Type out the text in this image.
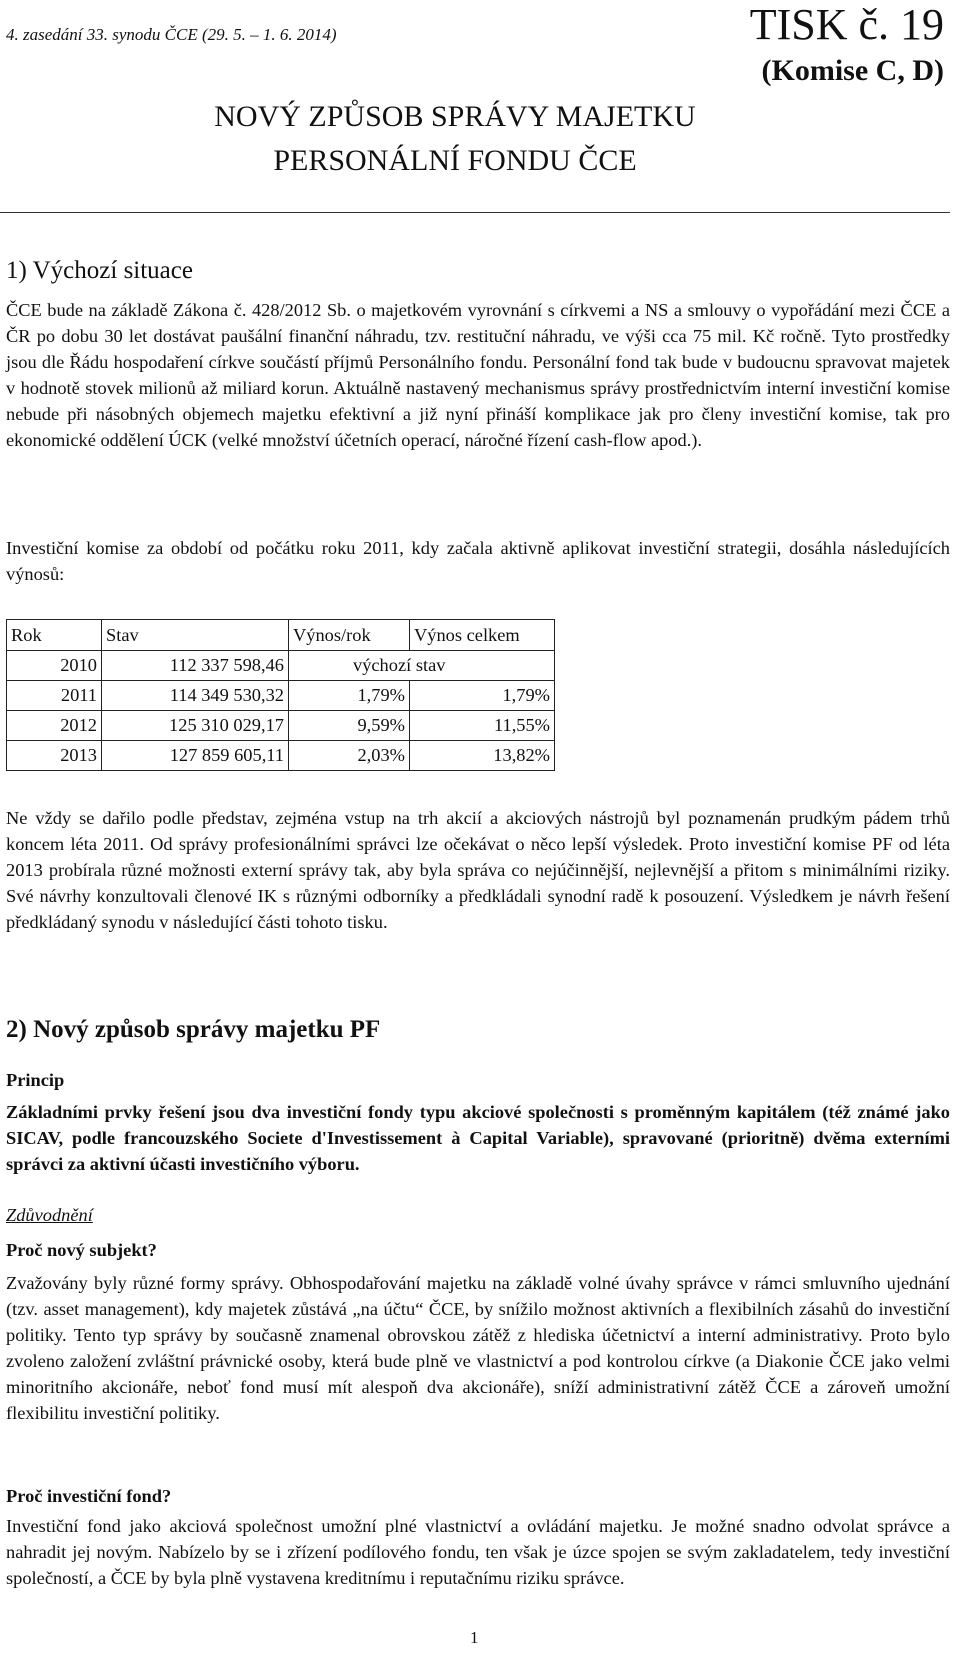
4. zasedání 33. synodu ČCE (29. 5. – 1. 6. 2014)	TISK č. 19
(Komise C, D)
NOVÝ ZPŮSOB SPRÁVY MAJETKU
PERSONÁLNÍ FONDU ČCE
1) Výchozí situace

ČCE bude na základě Zákona č. 428/2012 Sb. o majetkovém vyrovnání s církvemi a NS a smlouvy o vypořádání mezi ČCE a ČR po dobu 30 let dostávat paušální finanční náhradu, tzv. restituční náhradu, ve výši cca 75 mil. Kč ročně. Tyto prostředky jsou dle Řádu hospodaření církve součástí příjmů Personálního fondu. Personální fond tak bude v budoucnu spravovat majetek v hodnotě stovek milionů až miliard korun. Aktuálně nastavený mechanismus správy prostřednictvím interní investiční komise nebude při násobných objemech majetku efektivní a již nyní přináší komplikace jak pro členy investiční komise, tak pro ekonomické oddělení ÚCK (velké množství účetních operací, náročné řízení cash-flow apod.).

Investiční komise za období od počátku roku 2011, kdy začala aktivně aplikovat investiční strategii, dosáhla následujících výnosů:

Rok	Stav	Výnos/rok	Výnos celkem
2010	112 337 598,46	výchozí stav	
2011	114 349 530,32	1,79%	1,79%
2012	125 310 029,17	9,59%	11,55%
2013	127 859 605,11	2,03%	13,82%

Ne vždy se dařilo podle představ, zejména vstup na trh akcií a akciových nástrojů byl poznamenán prudkým pádem trhů koncem léta 2011. Od správy profesionálními správci lze očekávat o něco lepší výsledek. Proto investiční komise PF od léta 2013 probírala různé možnosti externí správy tak, aby byla správa co nejúčinnější, nejlevnější a přitom s minimálními riziky. Své návrhy konzultovali členové IK s různými odborníky a předkládali synodní radě k posouzení. Výsledkem je návrh řešení předkládaný synodu v následující části tohoto tisku.

2) Nový způsob správy majetku PF
Princip

Základními prvky řešení jsou dva investiční fondy typu akciové společnosti s proměnným kapitálem (též známé jako SICAV, podle francouzského Societe d'Investissement à Capital Variable), spravované (prioritně) dvěma externími správci za aktivní účasti investičního výboru.

Zdůvodnění
Proč nový subjekt?

Zvažovány byly různé formy správy. Obhospodařování majetku na základě volné úvahy správce v rámci smluvního ujednání (tzv. asset management), kdy majetek zůstává „na účtu“ ČCE, by snížilo možnost aktivních a flexibilních zásahů do investiční politiky. Tento typ správy by současně znamenal obrovskou zátěž z hlediska účetnictví a interní administrativy. Proto bylo zvoleno založení zvláštní právnické osoby, která bude plně ve vlastnictví a pod kontrolou církve (a Diakonie ČCE jako velmi minoritního akcionáře, neboť fond musí mít alespoň dva akcionáře), sníží administrativní zátěž ČCE a zároveň umožní flexibilitu investiční politiky.

Proč investiční fond?

Investiční fond jako akciová společnost umožní plné vlastnictví a ovládání majetku. Je možné snadno odvolat správce a nahradit jej novým. Nabízelo by se i zřízení podílového fondu, ten však je úzce spojen se svým zakladatelem, tedy investiční společností, a ČCE by byla plně vystavena kreditnímu i reputačnímu riziku správce.

1
